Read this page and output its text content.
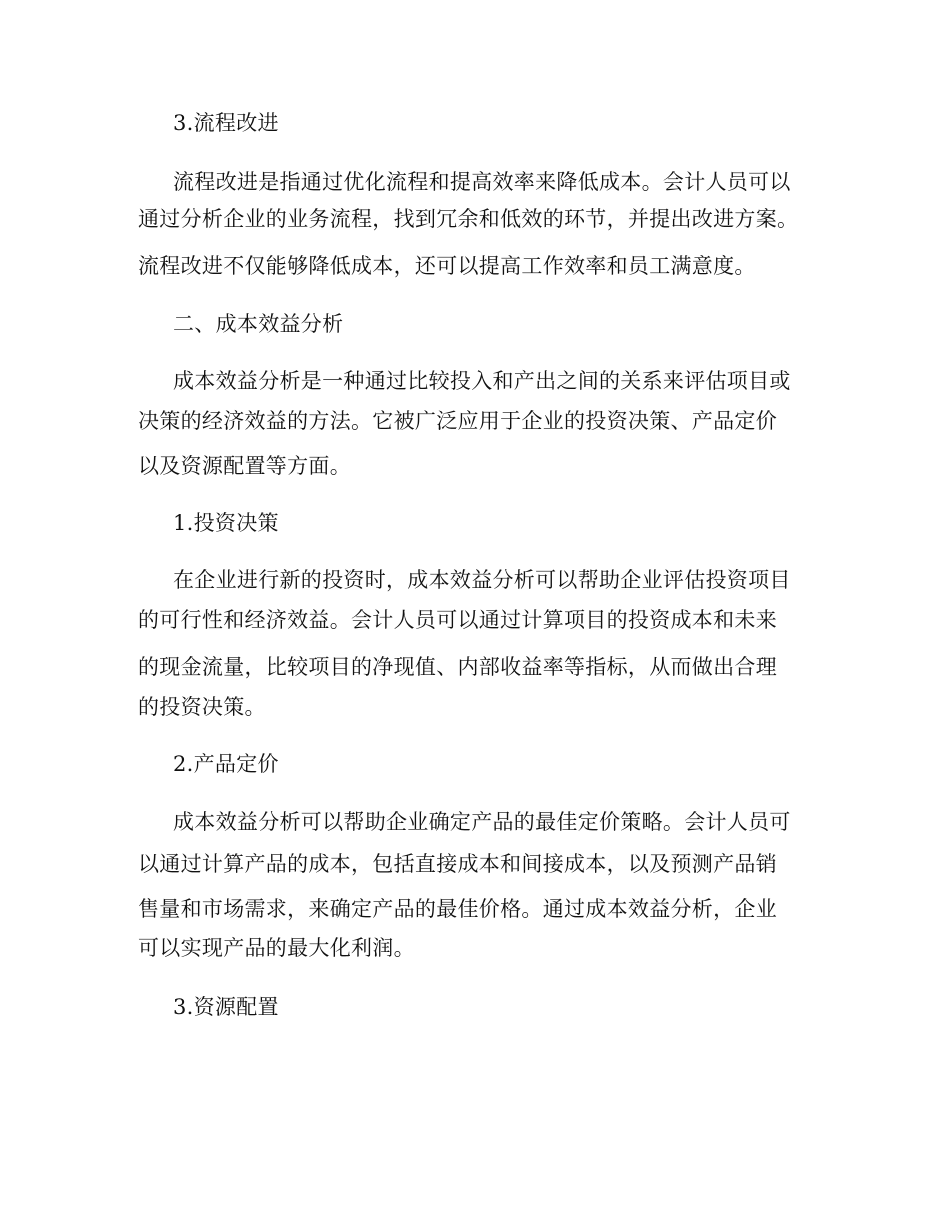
3.流程改进
流程改进是指通过优化流程和提高效率来降低成本。会计人员可以
通过分析企业的业务流程，找到冗余和低效的环节，并提出改进方案。
流程改进不仅能够降低成本，还可以提高工作效率和员工满意度。
二、成本效益分析
成本效益分析是一种通过比较投入和产出之间的关系来评估项目或
决策的经济效益的方法。它被广泛应用于企业的投资决策、产品定价
以及资源配置等方面。
1.投资决策
在企业进行新的投资时，成本效益分析可以帮助企业评估投资项目
的可行性和经济效益。会计人员可以通过计算项目的投资成本和未来
的现金流量，比较项目的净现值、内部收益率等指标，从而做出合理
的投资决策。
2.产品定价
成本效益分析可以帮助企业确定产品的最佳定价策略。会计人员可
以通过计算产品的成本，包括直接成本和间接成本，以及预测产品销
售量和市场需求，来确定产品的最佳价格。通过成本效益分析，企业
可以实现产品的最大化利润。
3.资源配置
